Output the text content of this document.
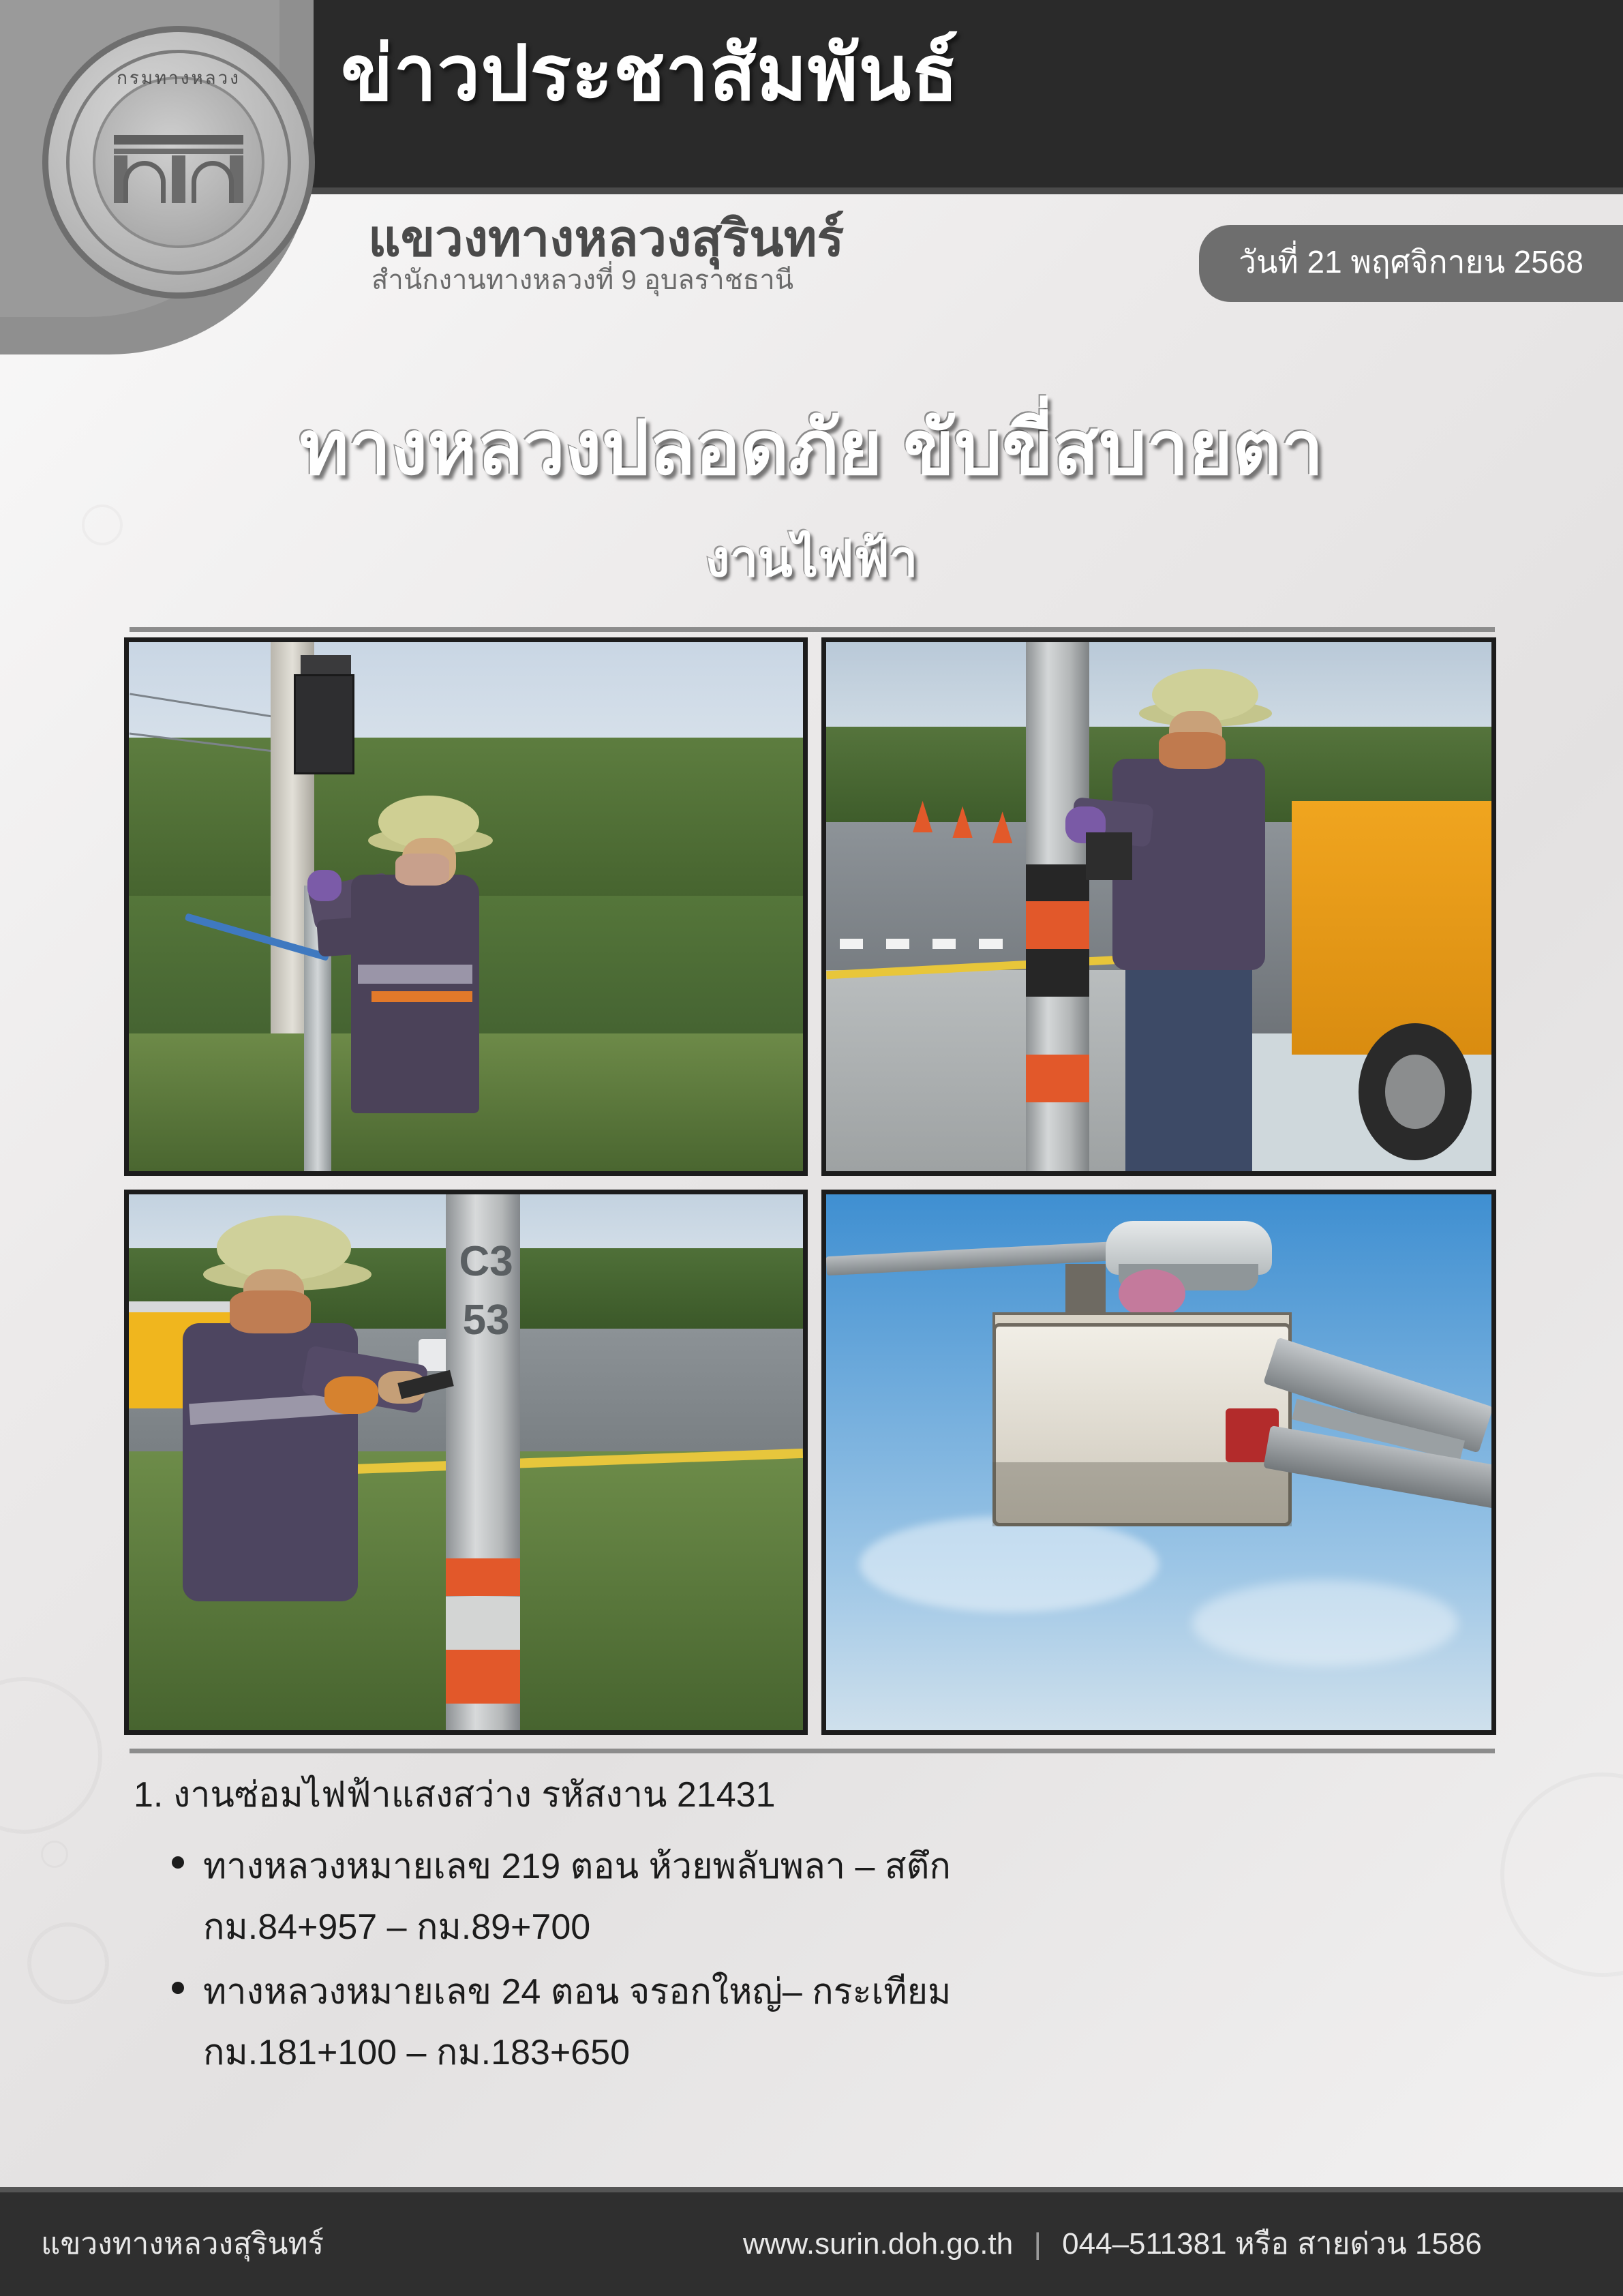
กรมทางหลวง	ข่าวประชาสัมพันธ์
แขวงทางหลวงสุรินทร์
สำนักงานทางหลวงที่ 9 อุบลราชธานี
วันที่ 21 พฤศจิกายน 2568
ทางหลวงปลอดภัย ขับขี่สบายตา
งานไฟฟ้า
C3
53
1. งานซ่อมไฟฟ้าแสงสว่าง รหัสงาน 21431
ทางหลวงหมายเลข 219 ตอน ห้วยพลับพลา – สตึก
กม.84+957 – กม.89+700
ทางหลวงหมายเลข 24 ตอน จรอกใหญ่– กระเทียม
กม.181+100 – กม.183+650
แขวงทางหลวงสุรินทร์	www.surin.doh.go.th | 044–511381 หรือ สายด่วน 1586
